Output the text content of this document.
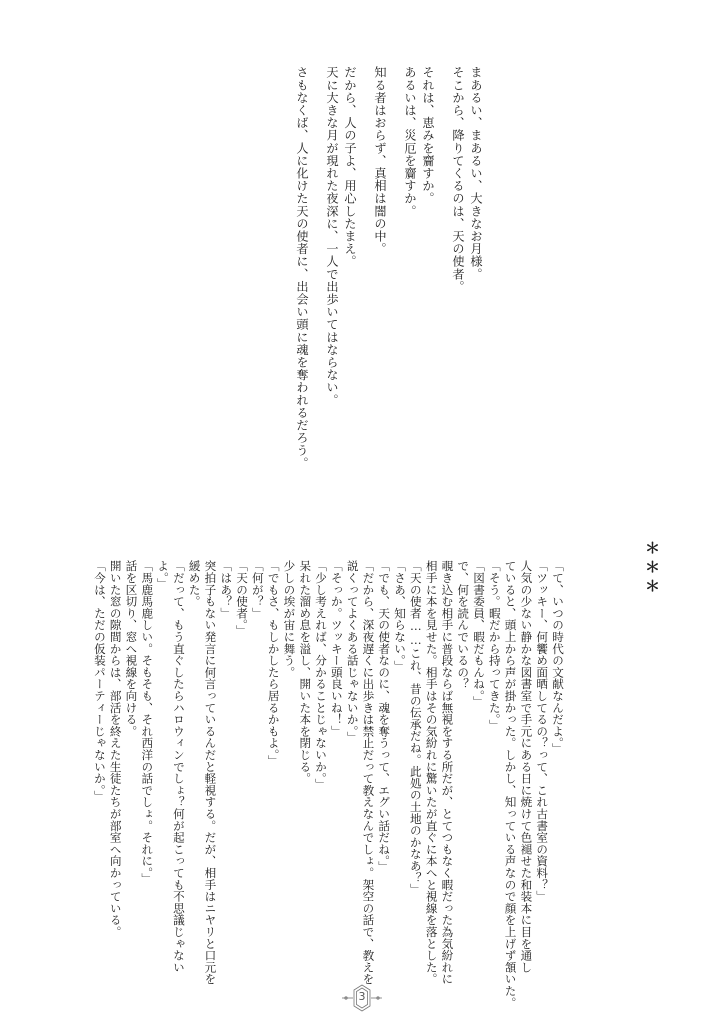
まあるい、まあるい、大きなお月様。
そこから、降りてくるのは、天の使者。
それは、恵みを齎すか。
あるいは、災厄を齎すか。
知る者はおらず、真相は闇の中。
だから、人の子よ、用心したまえ。
天に大きな月が現れた夜深に、一人で出歩いてはならない。
さもなくば、人に化けた天の使者に、出会い頭に魂を奪われるだろう。
＊＊＊
「て、いつの時代の文献なんだよ。」
「ツッキー、何饗め面晒してるの？って、これ古書室の資料？」
人気の少ない静かな図書室で手元にある日に焼けて色褪せた和装本に目を通し
ていると、頭上から声が掛かった。しかし、知っている声なので顔を上げず頷いた。
「そう。暇だから持ってきた。」
「図書委員、暇だもんね。」
で、何を読んでいるの？
覗き込む相手に普段ならば無視をする所だが、とてつもなく暇だった為気紛れに
相手に本を見せた。相手はその気紛れに驚いたが直ぐに本へと視線を落とした。
「天の使者……これ、昔の伝承だね。此処の土地のかなあ？」
「さあ、知らない。」
「でも、天の使者なのに、魂を奪うって、エグい話だね。」
「だから、深夜遅くに出歩きは禁止だって教えなんでしょ。架空の話で、教えを
説くってよくある話じゃないか。」
「そっか。ツッキー頭良いね！」
「少し考えれば、分かることじゃないか。」
呆れた溜め息を溢し、開いた本を閉じる。
少しの埃が宙に舞う。
「でもさ、もしかしたら居るかもよ。」
「何が？」
「天の使者。」
「はあ？」
突拍子もない発言に何言っているんだと軽視する。だが、相手はニヤリと口元を
緩めた。
「だって、もう直ぐしたらハロウィンでしょ？何が起こっても不思議じゃない
よ。」
「馬鹿馬鹿しい。そもそも、それ西洋の話でしょ。それに。」
話を区切り、窓へ視線を向ける。
開いた窓の隙間からは、部活を終えた生徒たちが部室へ向かっている。
「今は、ただの仮装パーティーじゃないか。」
3
